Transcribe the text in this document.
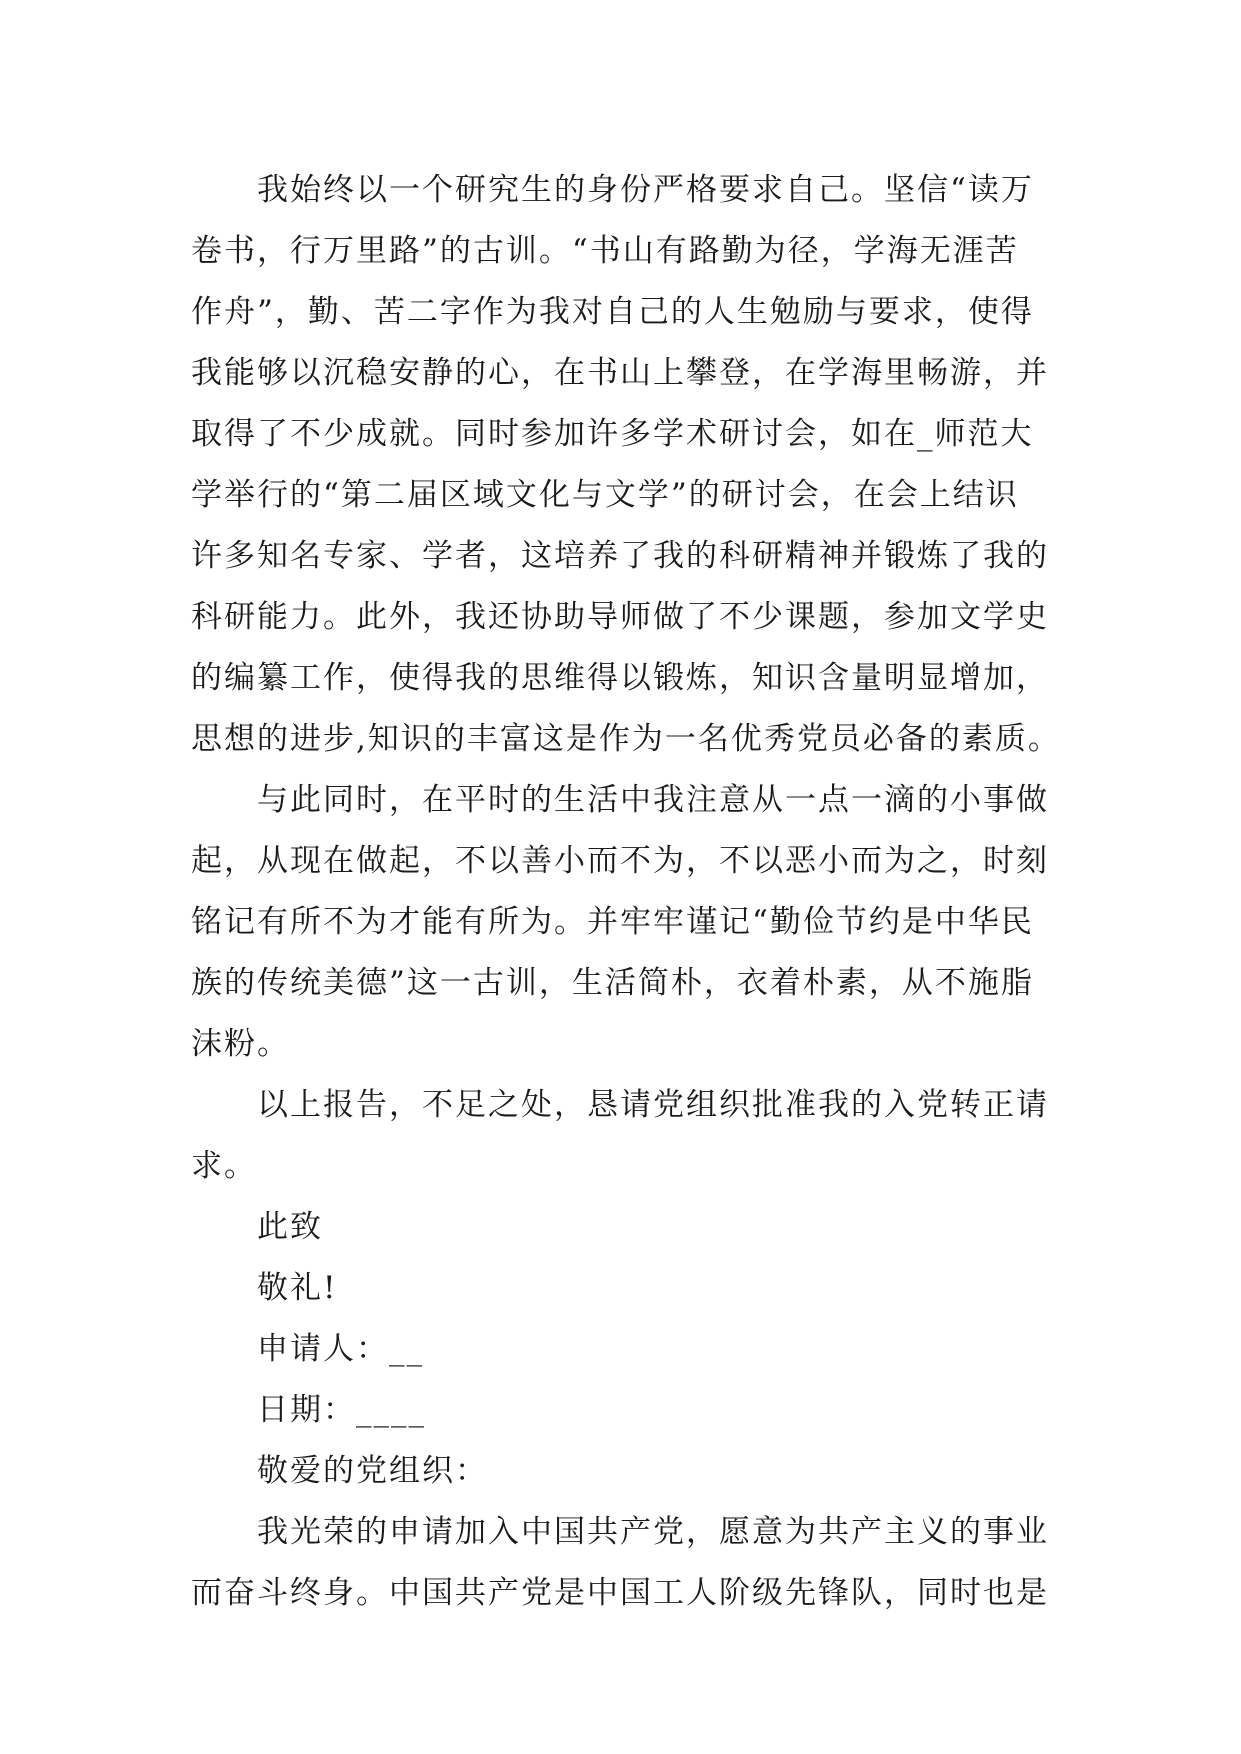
我始终以一个研究生的身份严格要求自己。坚信“读万
卷书，行万里路”的古训。“书山有路勤为径，学海无涯苦
作舟”，勤、苦二字作为我对自己的人生勉励与要求，使得
我能够以沉稳安静的心，在书山上攀登，在学海里畅游，并
取得了不少成就。同时参加许多学术研讨会，如在_师范大
学举行的“第二届区域文化与文学”的研讨会，在会上结识
许多知名专家、学者，这培养了我的科研精神并锻炼了我的
科研能力。此外，我还协助导师做了不少课题，参加文学史
的编纂工作，使得我的思维得以锻炼，知识含量明显增加，
思想的进步,知识的丰富这是作为一名优秀党员必备的素质。
与此同时，在平时的生活中我注意从一点一滴的小事做
起，从现在做起，不以善小而不为，不以恶小而为之，时刻
铭记有所不为才能有所为。并牢牢谨记“勤俭节约是中华民
族的传统美德”这一古训，生活简朴，衣着朴素，从不施脂
沫粉。
以上报告，不足之处，恳请党组织批准我的入党转正请
求。
此致
敬礼!
申请人：__
日期：____
敬爱的党组织：
我光荣的申请加入中国共产党，愿意为共产主义的事业
而奋斗终身。中国共产党是中国工人阶级先锋队，同时也是
